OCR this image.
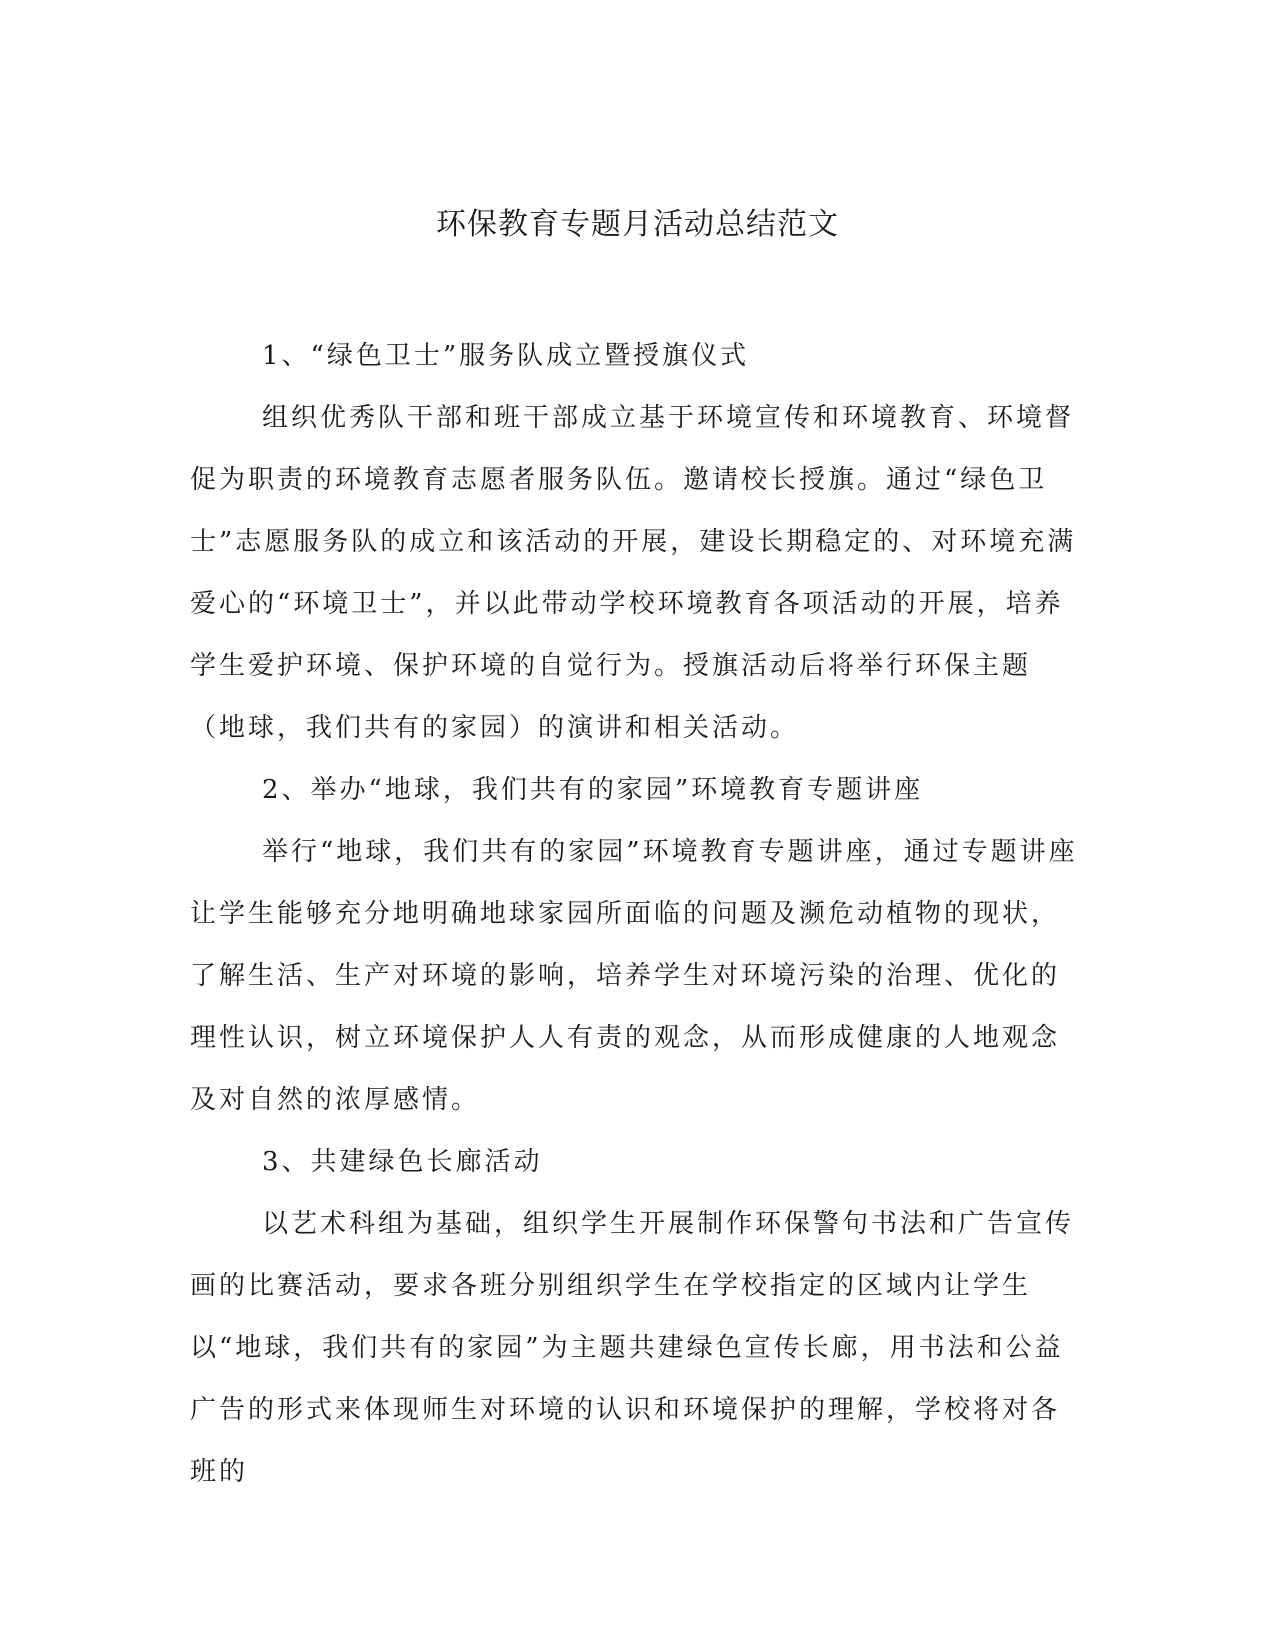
环保教育专题月活动总结范文

1、“绿色卫士”服务队成立暨授旗仪式

组织优秀队干部和班干部成立基于环境宣传和环境教育、环境督促为职责的环境教育志愿者服务队伍。邀请校长授旗。通过“绿色卫士”志愿服务队的成立和该活动的开展，建设长期稳定的、对环境充满爱心的“环境卫士”，并以此带动学校环境教育各项活动的开展，培养学生爱护环境、保护环境的自觉行为。授旗活动后将举行环保主题（地球，我们共有的家园）的演讲和相关活动。

2、举办“地球，我们共有的家园”环境教育专题讲座

举行“地球，我们共有的家园”环境教育专题讲座，通过专题讲座让学生能够充分地明确地球家园所面临的问题及濒危动植物的现状，了解生活、生产对环境的影响，培养学生对环境污染的治理、优化的理性认识，树立环境保护人人有责的观念，从而形成健康的人地观念及对自然的浓厚感情。

3、共建绿色长廊活动

以艺术科组为基础，组织学生开展制作环保警句书法和广告宣传画的比赛活动，要求各班分别组织学生在学校指定的区域内让学生以“地球，我们共有的家园”为主题共建绿色宣传长廊，用书法和公益广告的形式来体现师生对环境的认识和环境保护的理解，学校将对各班的
